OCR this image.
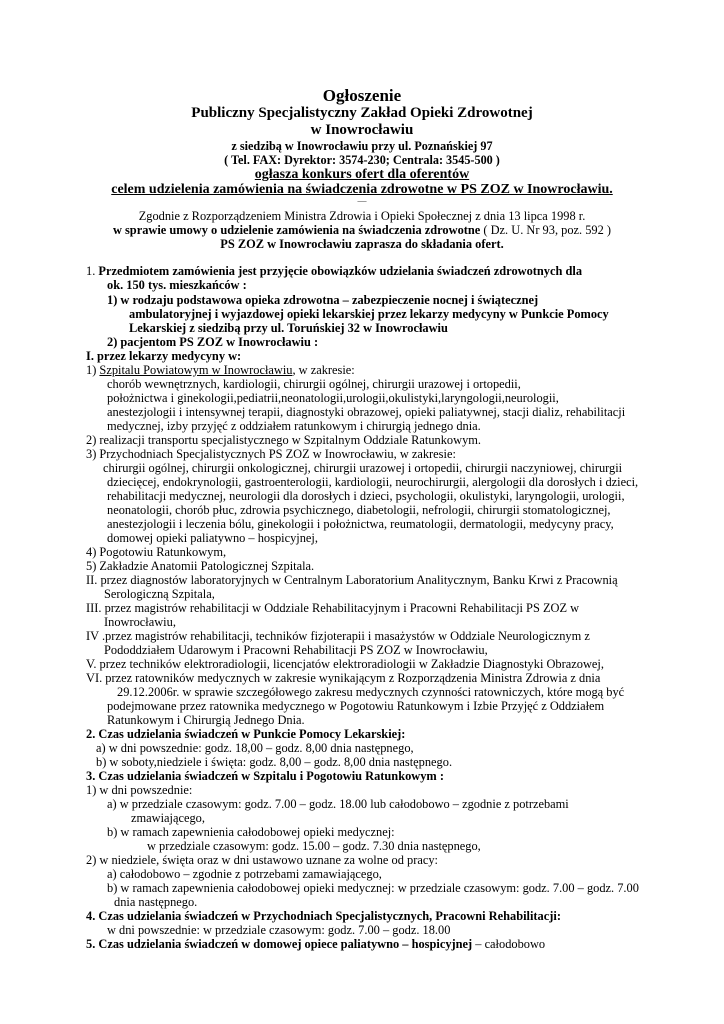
Ogłoszenie
Publiczny Specjalistyczny Zakład Opieki Zdrowotnej
w Inowrocławiu
z siedzibą w Inowrocławiu przy ul. Poznańskiej 97
( Tel. FAX: Dyrektor: 3574-230; Centrala: 3545-500 )
ogłasza konkurs ofert dla oferentów
celem udzielenia zamówienia na świadczenia zdrowotne w PS ZOZ w Inowrocławiu.
—
Zgodnie z Rozporządzeniem Ministra Zdrowia i Opieki Społecznej z dnia 13 lipca 1998 r.
w sprawie umowy o udzielenie zamówienia na świadczenia zdrowotne ( Dz. U. Nr 93, poz. 592 )
PS ZOZ w Inowrocławiu zaprasza do składania ofert.
1. Przedmiotem zamówienia jest przyjęcie obowiązków udzielania świadczeń zdrowotnych dla
ok. 150 tys. mieszkańców :
1) w rodzaju podstawowa opieka zdrowotna – zabezpieczenie nocnej i świątecznej
ambulatoryjnej i wyjazdowej opieki lekarskiej przez lekarzy medycyny w Punkcie Pomocy
Lekarskiej z siedzibą przy ul. Toruńskiej 32 w Inowrocławiu
2) pacjentom PS ZOZ w Inowrocławiu :
I. przez lekarzy medycyny w:
1) Szpitalu Powiatowym w Inowrocławiu, w zakresie:
chorób wewnętrznych, kardiologii, chirurgii ogólnej, chirurgii urazowej i ortopedii,
położnictwa i ginekologii,pediatrii,neonatologii,urologii,okulistyki,laryngologii,neurologii,
anestezjologii i intensywnej terapii, diagnostyki obrazowej, opieki paliatywnej, stacji dializ, rehabilitacji
medycznej, izby przyjęć z oddziałem ratunkowym i chirurgią jednego dnia.
2) realizacji transportu specjalistycznego w Szpitalnym Oddziale Ratunkowym.
3) Przychodniach Specjalistycznych PS ZOZ w Inowrocławiu, w zakresie:
chirurgii ogólnej, chirurgii onkologicznej, chirurgii urazowej i ortopedii, chirurgii naczyniowej, chirurgii
dziecięcej, endokrynologii, gastroenterologii, kardiologii, neurochirurgii, alergologii dla dorosłych i dzieci,
rehabilitacji medycznej, neurologii dla dorosłych i dzieci, psychologii, okulistyki, laryngologii, urologii,
neonatologii, chorób płuc, zdrowia psychicznego, diabetologii, nefrologii, chirurgii stomatologicznej,
anestezjologii i leczenia bólu, ginekologii i położnictwa, reumatologii, dermatologii, medycyny pracy,
domowej opieki paliatywno – hospicyjnej,
4) Pogotowiu Ratunkowym,
5) Zakładzie Anatomii Patologicznej Szpitala.
II. przez diagnostów laboratoryjnych w Centralnym Laboratorium Analitycznym, Banku Krwi z Pracownią
Serologiczną Szpitala,
III. przez magistrów rehabilitacji w Oddziale Rehabilitacyjnym i Pracowni Rehabilitacji PS ZOZ w
Inowrocławiu,
IV .przez magistrów rehabilitacji, techników fizjoterapii i masażystów w Oddziale Neurologicznym z
Pododdziałem Udarowym i Pracowni Rehabilitacji PS ZOZ w Inowrocławiu,
V. przez techników elektroradiologii, licencjatów elektroradiologii w Zakładzie Diagnostyki Obrazowej,
VI. przez ratowników medycznych w zakresie wynikającym z Rozporządzenia Ministra Zdrowia z dnia
29.12.2006r. w sprawie szczegółowego zakresu medycznych czynności ratowniczych, które mogą być
podejmowane przez ratownika medycznego w Pogotowiu Ratunkowym i Izbie Przyjęć z Oddziałem
Ratunkowym i Chirurgią Jednego Dnia.
2. Czas udzielania świadczeń w Punkcie Pomocy Lekarskiej:
a) w dni powszednie: godz. 18,00 – godz. 8,00 dnia następnego,
b) w soboty,niedziele i święta: godz. 8,00 – godz. 8,00 dnia następnego.
3. Czas udzielania świadczeń w Szpitalu i Pogotowiu Ratunkowym :
1) w dni powszednie:
a) w przedziale czasowym: godz. 7.00 – godz. 18.00 lub całodobowo – zgodnie z potrzebami
zmawiającego,
b) w ramach zapewnienia całodobowej opieki medycznej:
w przedziale czasowym: godz. 15.00 – godz. 7.30 dnia następnego,
2) w niedziele, święta oraz w dni ustawowo uznane za wolne od pracy:
a) całodobowo – zgodnie z potrzebami zamawiającego,
b) w ramach zapewnienia całodobowej opieki medycznej: w przedziale czasowym: godz. 7.00 – godz. 7.00
dnia następnego.
4. Czas udzielania świadczeń w Przychodniach Specjalistycznych, Pracowni Rehabilitacji:
w dni powszednie: w przedziale czasowym: godz. 7.00 – godz. 18.00
5. Czas udzielania świadczeń w domowej opiece paliatywno – hospicyjnej – całodobowo
